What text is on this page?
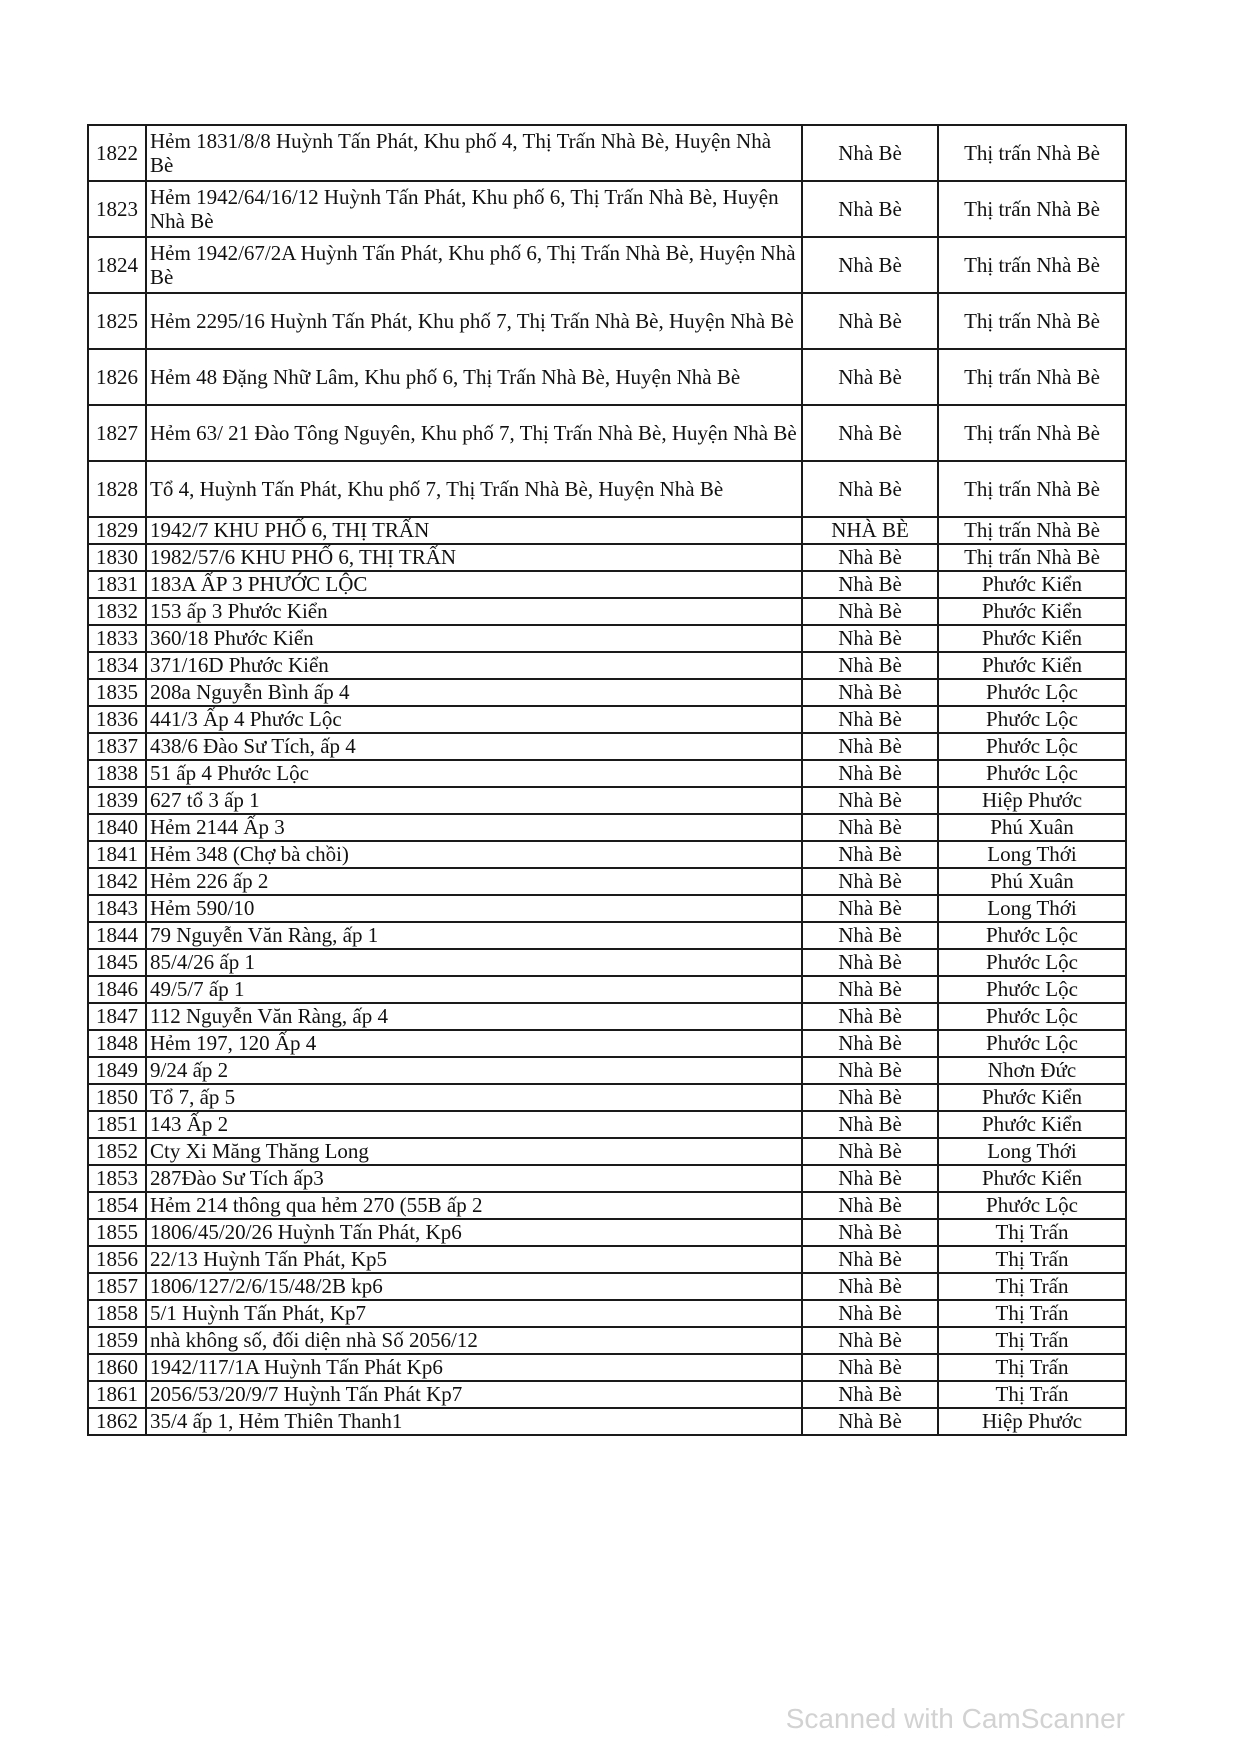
1822	Hẻm 1831/8/8 Huỳnh Tấn Phát, Khu phố 4, Thị Trấn Nhà Bè, Huyện Nhà Bè	Nhà Bè	Thị trấn Nhà Bè
1823	Hẻm 1942/64/16/12 Huỳnh Tấn Phát, Khu phố 6, Thị Trấn Nhà Bè, Huyện Nhà Bè	Nhà Bè	Thị trấn Nhà Bè
1824	Hẻm 1942/67/2A Huỳnh Tấn Phát, Khu phố 6, Thị Trấn Nhà Bè, Huyện Nhà Bè	Nhà Bè	Thị trấn Nhà Bè
1825	Hẻm 2295/16 Huỳnh Tấn Phát, Khu phố 7, Thị Trấn Nhà Bè, Huyện Nhà Bè	Nhà Bè	Thị trấn Nhà Bè
1826	Hẻm 48 Đặng Nhữ Lâm, Khu phố 6, Thị Trấn Nhà Bè, Huyện Nhà Bè	Nhà Bè	Thị trấn Nhà Bè
1827	Hẻm 63/ 21 Đào Tông Nguyên, Khu phố 7, Thị Trấn Nhà Bè, Huyện Nhà Bè	Nhà Bè	Thị trấn Nhà Bè
1828	Tổ 4, Huỳnh Tấn Phát, Khu phố 7, Thị Trấn Nhà Bè, Huyện Nhà Bè	Nhà Bè	Thị trấn Nhà Bè
1829	1942/7 KHU PHỐ 6, THỊ TRẤN	NHÀ BÈ	Thị trấn Nhà Bè
1830	1982/57/6 KHU PHỐ 6, THỊ TRẤN	Nhà Bè	Thị trấn Nhà Bè
1831	183A ẤP 3 PHƯỚC LỘC	Nhà Bè	Phước Kiển
1832	153 ấp 3 Phước Kiển	Nhà Bè	Phước Kiển
1833	360/18 Phước Kiển	Nhà Bè	Phước Kiển
1834	371/16D Phước Kiển	Nhà Bè	Phước Kiển
1835	208a Nguyễn Bình ấp 4	Nhà Bè	Phước Lộc
1836	441/3 Ấp 4 Phước Lộc	Nhà Bè	Phước Lộc
1837	438/6 Đào Sư Tích, ấp 4	Nhà Bè	Phước Lộc
1838	51 ấp 4 Phước Lộc	Nhà Bè	Phước Lộc
1839	627 tổ 3 ấp 1	Nhà Bè	Hiệp Phước
1840	Hẻm 2144 Ấp 3	Nhà Bè	Phú Xuân
1841	Hẻm 348 (Chợ bà chồi)	Nhà Bè	Long Thới
1842	Hẻm 226 ấp 2	Nhà Bè	Phú Xuân
1843	Hẻm 590/10	Nhà Bè	Long Thới
1844	79 Nguyễn Văn Ràng, ấp 1	Nhà Bè	Phước Lộc
1845	85/4/26 ấp 1	Nhà Bè	Phước Lộc
1846	49/5/7 ấp 1	Nhà Bè	Phước Lộc
1847	112 Nguyễn Văn Ràng, ấp 4	Nhà Bè	Phước Lộc
1848	Hẻm 197, 120 Ấp 4	Nhà Bè	Phước Lộc
1849	9/24 ấp 2	Nhà Bè	Nhơn Đức
1850	Tổ 7, ấp 5	Nhà Bè	Phước Kiển
1851	143 Ấp 2	Nhà Bè	Phước Kiển
1852	Cty Xi Măng Thăng Long	Nhà Bè	Long Thới
1853	287Đào Sư Tích ấp3	Nhà Bè	Phước Kiển
1854	Hẻm 214 thông qua hẻm 270 (55B ấp 2	Nhà Bè	Phước Lộc
1855	1806/45/20/26 Huỳnh Tấn Phát, Kp6	Nhà Bè	Thị Trấn
1856	22/13 Huỳnh Tấn Phát, Kp5	Nhà Bè	Thị Trấn
1857	1806/127/2/6/15/48/2B kp6	Nhà Bè	Thị Trấn
1858	5/1 Huỳnh Tấn Phát, Kp7	Nhà Bè	Thị Trấn
1859	nhà không số, đối diện nhà Số 2056/12	Nhà Bè	Thị Trấn
1860	1942/117/1A Huỳnh Tấn Phát Kp6	Nhà Bè	Thị Trấn
1861	2056/53/20/9/7 Huỳnh Tấn Phát Kp7	Nhà Bè	Thị Trấn
1862	35/4 ấp 1, Hẻm Thiên Thanh1	Nhà Bè	Hiệp Phước
Scanned with CamScanner
